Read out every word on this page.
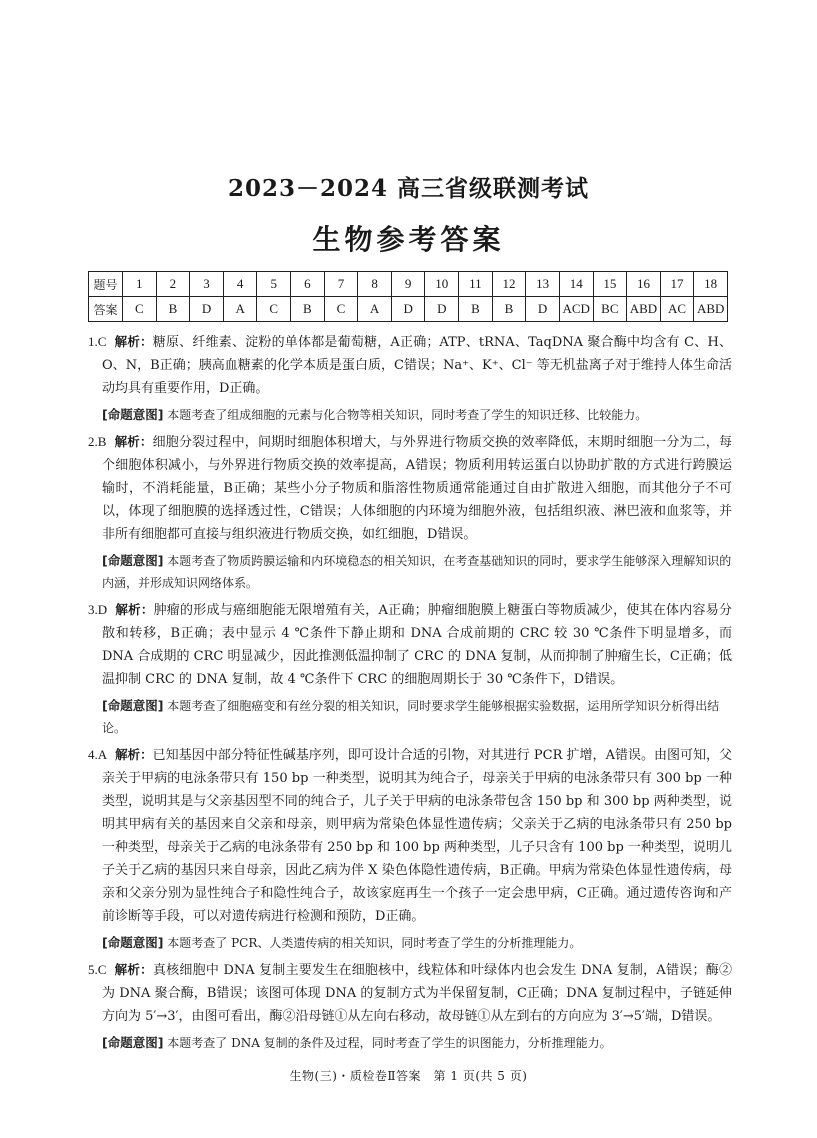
2023－2024 高三省级联测考试
生物参考答案
题号	1	2	3	4	5	6	7	8	9	10	11	12	13	14	15	16	17	18
答案	C	B	D	A	C	B	C	A	D	D	B	B	D	ACD	BC	ABD	AC	ABD

1.C 解析：糖原、纤维素、淀粉的单体都是葡萄糖，A正确；ATP、tRNA、TaqDNA 聚合酶中均含有 C、H、O、N，B正确；胰高血糖素的化学本质是蛋白质，C错误；Na⁺、K⁺、Cl⁻ 等无机盐离子对于维持人体生命活动均具有重要作用，D正确。

[命题意图] 本题考查了组成细胞的元素与化合物等相关知识，同时考查了学生的知识迁移、比较能力。

2.B 解析：细胞分裂过程中，间期时细胞体积增大，与外界进行物质交换的效率降低，末期时细胞一分为二，每个细胞体积减小，与外界进行物质交换的效率提高，A错误；物质利用转运蛋白以协助扩散的方式进行跨膜运输时，不消耗能量，B正确；某些小分子物质和脂溶性物质通常能通过自由扩散进入细胞，而其他分子不可以，体现了细胞膜的选择透过性，C错误；人体细胞的内环境为细胞外液，包括组织液、淋巴液和血浆等，并非所有细胞都可直接与组织液进行物质交换，如红细胞，D错误。

[命题意图] 本题考查了物质跨膜运输和内环境稳态的相关知识，在考查基础知识的同时，要求学生能够深入理解知识的内涵，并形成知识网络体系。

3.D 解析：肿瘤的形成与癌细胞能无限增殖有关，A正确；肿瘤细胞膜上糖蛋白等物质减少，使其在体内容易分散和转移，B正确；表中显示 4 ℃条件下静止期和 DNA 合成前期的 CRC 较 30 ℃条件下明显增多，而 DNA 合成期的 CRC 明显减少，因此推测低温抑制了 CRC 的 DNA 复制，从而抑制了肿瘤生长，C正确；低温抑制 CRC 的 DNA 复制，故 4 ℃条件下 CRC 的细胞周期长于 30 ℃条件下，D错误。

[命题意图] 本题考查了细胞癌变和有丝分裂的相关知识，同时要求学生能够根据实验数据，运用所学知识分析得出结论。

4.A 解析：已知基因中部分特征性碱基序列，即可设计合适的引物，对其进行 PCR 扩增，A错误。由图可知，父亲关于甲病的电泳条带只有 150 bp 一种类型，说明其为纯合子，母亲关于甲病的电泳条带只有 300 bp 一种类型，说明其是与父亲基因型不同的纯合子，儿子关于甲病的电泳条带包含 150 bp 和 300 bp 两种类型，说明其甲病有关的基因来自父亲和母亲，则甲病为常染色体显性遗传病；父亲关于乙病的电泳条带只有 250 bp 一种类型，母亲关于乙病的电泳条带有 250 bp 和 100 bp 两种类型，儿子只含有 100 bp 一种类型，说明儿子关于乙病的基因只来自母亲，因此乙病为伴 X 染色体隐性遗传病，B正确。甲病为常染色体显性遗传病，母亲和父亲分别为显性纯合子和隐性纯合子，故该家庭再生一个孩子一定会患甲病，C正确。通过遗传咨询和产前诊断等手段，可以对遗传病进行检测和预防，D正确。

[命题意图] 本题考查了 PCR、人类遗传病的相关知识，同时考查了学生的分析推理能力。

5.C 解析：真核细胞中 DNA 复制主要发生在细胞核中，线粒体和叶绿体内也会发生 DNA 复制，A错误；酶②为 DNA 聚合酶，B错误；该图可体现 DNA 的复制方式为半保留复制，C正确；DNA 复制过程中，子链延伸方向为 5′→3′，由图可看出，酶②沿母链①从左向右移动，故母链①从左到右的方向应为 3′→5′端，D错误。

[命题意图] 本题考查了 DNA 复制的条件及过程，同时考查了学生的识图能力，分析推理能力。
生物(三)・质检卷Ⅱ答案　第 1 页(共 5 页)
